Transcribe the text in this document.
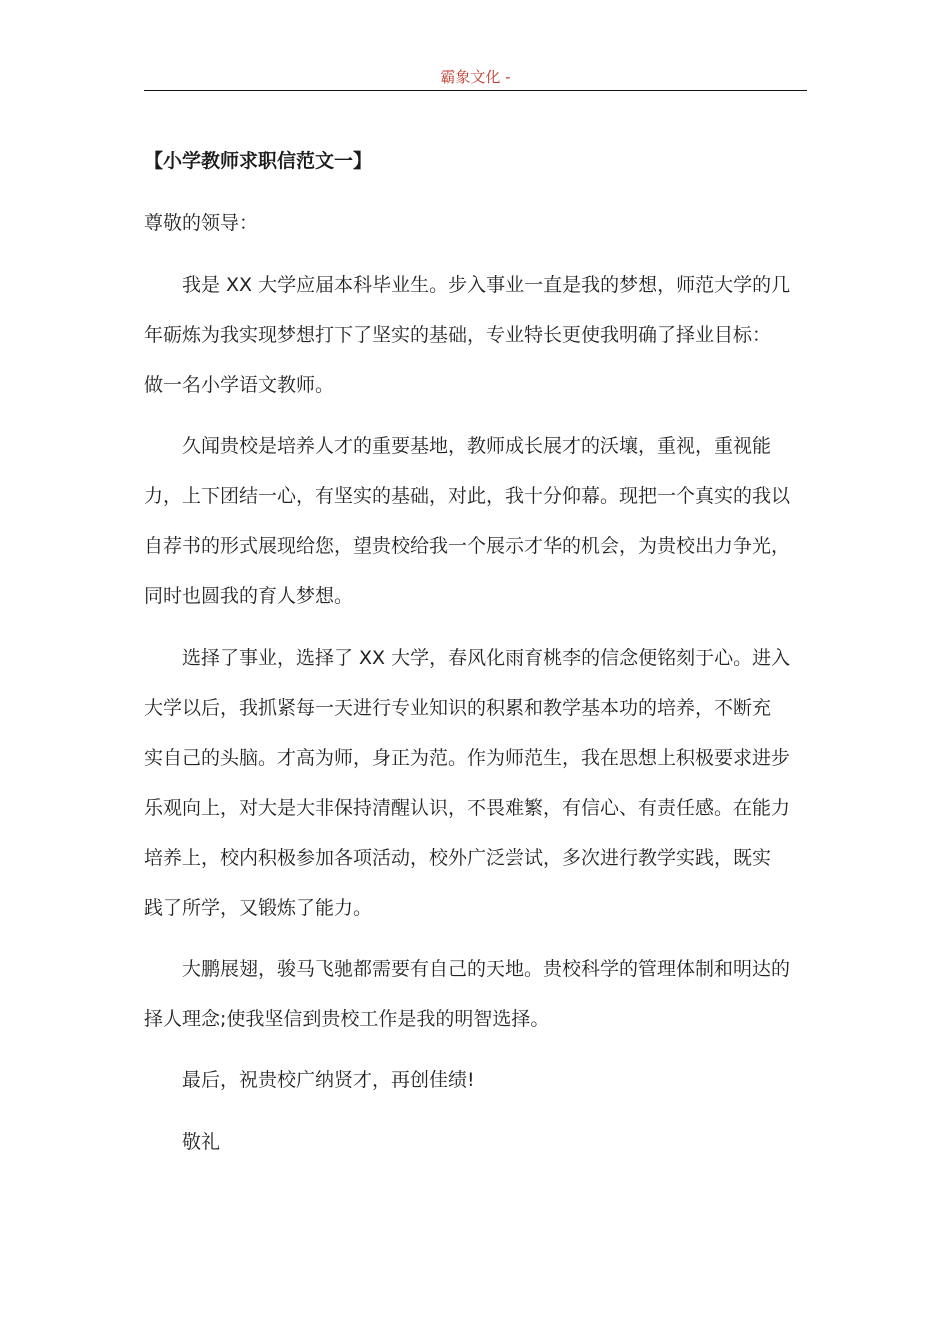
霸象文化 -
【小学教师求职信范文一】
尊敬的领导：
我是 XX 大学应届本科毕业生。步入事业一直是我的梦想，师范大学的几
年砺炼为我实现梦想打下了坚实的基础，专业特长更使我明确了择业目标：
做一名小学语文教师。
久闻贵校是培养人才的重要基地，教师成长展才的沃壤，重视，重视能
力，上下团结一心，有坚实的基础，对此，我十分仰幕。现把一个真实的我以
自荐书的形式展现给您，望贵校给我一个展示才华的机会，为贵校出力争光，
同时也圆我的育人梦想。
选择了事业，选择了 XX 大学，春风化雨育桃李的信念便铭刻于心。进入
大学以后，我抓紧每一天进行专业知识的积累和教学基本功的培养，不断充
实自己的头脑。才高为师，身正为范。作为师范生，我在思想上积极要求进步
乐观向上，对大是大非保持清醒认识，不畏难繁，有信心、有责任感。在能力
培养上，校内积极参加各项活动，校外广泛尝试，多次进行教学实践，既实
践了所学，又锻炼了能力。
大鹏展翅，骏马飞驰都需要有自己的天地。贵校科学的管理体制和明达的
择人理念;使我坚信到贵校工作是我的明智选择。
最后，祝贵校广纳贤才，再创佳绩!
敬礼
